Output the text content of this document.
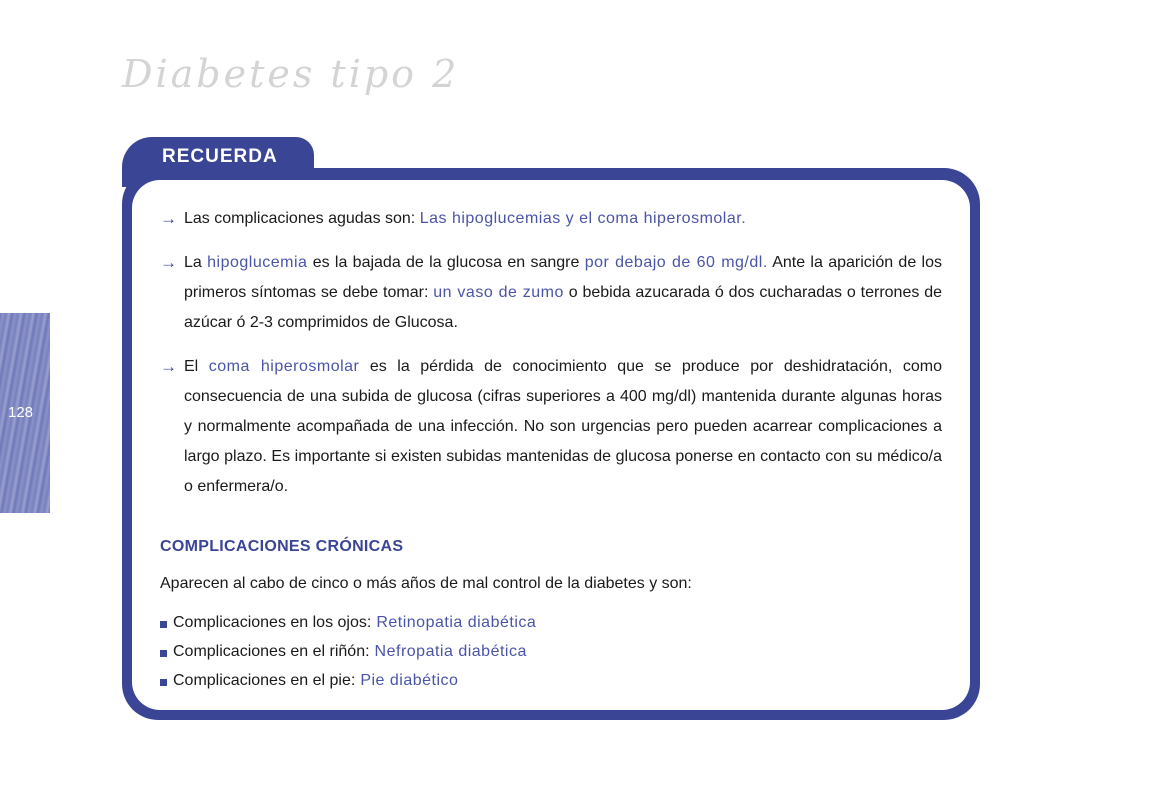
Diabetes tipo 2
128
RECUERDA
→ Las complicaciones agudas son: Las hipoglucemias y el coma hiperosmolar.
→ La hipoglucemia es la bajada de la glucosa en sangre por debajo de 60 mg/dl. Ante la aparición de los primeros síntomas se debe tomar: un vaso de zumo o bebida azucarada ó dos cucharadas o terrones de azúcar ó 2-3 comprimidos de Glucosa.
→ El coma hiperosmolar es la pérdida de conocimiento que se produce por deshidratación, como consecuencia de una subida de glucosa (cifras superiores a 400 mg/dl) mantenida durante algunas horas y normalmente acompañada de una infección. No son urgencias pero pueden acarrear complicaciones a largo plazo. Es importante si existen subidas mantenidas de glucosa ponerse en contacto con su médico/a o enfermera/o.
COMPLICACIONES CRÓNICAS
Aparecen al cabo de cinco o más años de mal control de la diabetes y son:
Complicaciones en los ojos: Retinopatia diabética
Complicaciones en el riñón: Nefropatia diabética
Complicaciones en el pie: Pie diabético
